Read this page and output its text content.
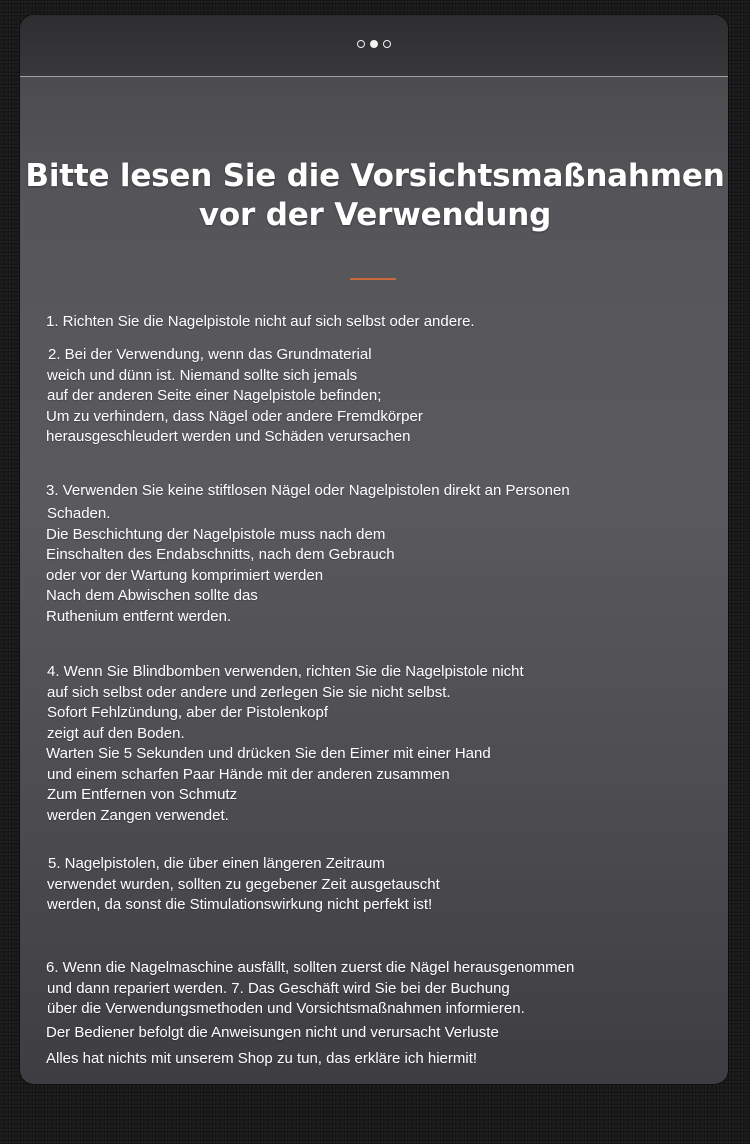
Bitte lesen Sie die Vorsichtsmaßnahmen
vor der Verwendung
1. Richten Sie die Nagelpistole nicht auf sich selbst oder andere.
2. Bei der Verwendung, wenn das Grundmaterial
weich und dünn ist. Niemand sollte sich jemals
auf der anderen Seite einer Nagelpistole befinden;
Um zu verhindern, dass Nägel oder andere Fremdkörper
herausgeschleudert werden und Schäden verursachen
3. Verwenden Sie keine stiftlosen Nägel oder Nagelpistolen direkt an Personen
Schaden.
Die Beschichtung der Nagelpistole muss nach dem
Einschalten des Endabschnitts, nach dem Gebrauch
oder vor der Wartung komprimiert werden
Nach dem Abwischen sollte das
Ruthenium entfernt werden.
4. Wenn Sie Blindbomben verwenden, richten Sie die Nagelpistole nicht
auf sich selbst oder andere und zerlegen Sie sie nicht selbst.
Sofort Fehlzündung, aber der Pistolenkopf
zeigt auf den Boden.
Warten Sie 5 Sekunden und drücken Sie den Eimer mit einer Hand
und einem scharfen Paar Hände mit der anderen zusammen
Zum Entfernen von Schmutz
werden Zangen verwendet.
5. Nagelpistolen, die über einen längeren Zeitraum
verwendet wurden, sollten zu gegebener Zeit ausgetauscht
werden, da sonst die Stimulationswirkung nicht perfekt ist!
6. Wenn die Nagelmaschine ausfällt, sollten zuerst die Nägel herausgenommen
und dann repariert werden. 7. Das Geschäft wird Sie bei der Buchung
über die Verwendungsmethoden und Vorsichtsmaßnahmen informieren.
Der Bediener befolgt die Anweisungen nicht und verursacht Verluste
Alles hat nichts mit unserem Shop zu tun, das erkläre ich hiermit!
